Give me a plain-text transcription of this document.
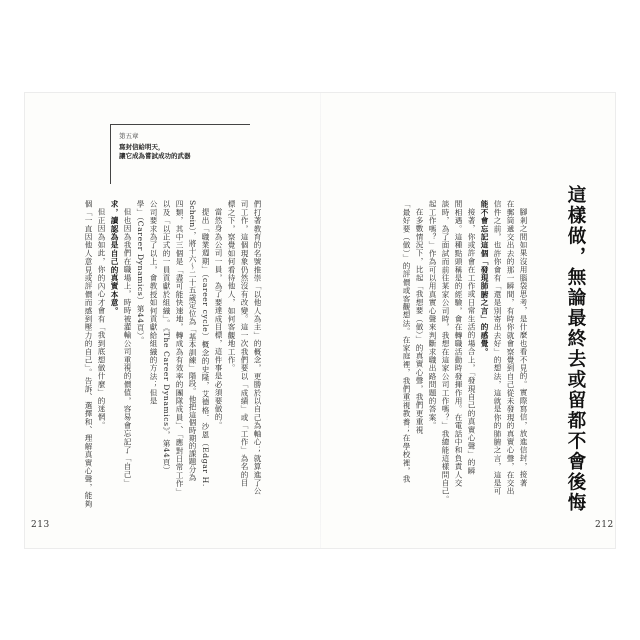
第五章
寫封信給明天，
讓它成為嘗試成功的武器

們打著教育的名號推崇「以他人為主」的概念，更勝於以自己為軸心；就算進了公

司工作，這個現象仍然沒有改變。這一次我們要以「成績」或「工作」為名的目

標之下，察覺如何看待他人，如何客觀地工作。

當然身為公司一員，為了要達成目標，這件事是必須要做的。

提出「職業週期」（career cycle）概念的史隆，艾德格．沙恩（Edgar H.

Schein），將十六～二十五歲定位為「基本訓練」階段。他把這個時期的課題分為

四類，其中三個是「盡可能快速地，轉成為有效率的團隊成員」、「應對日常工作」

以及「以正式的一員貢獻於組織」。《The Career Dynamics》，第44頁）

公司要求為了以上，會教授如何貢獻給組織的方法；但是

學」（Career Dynamics）第44頁）。

但也因為我們在職場上，時時被灌輸公司重視的價值，容易會忘記了「自己」

求，讀認為是自己的真實本意。

但正因為如此，你的內心才會有「我到底想做什麼」的迷惘。

個「一直因他人意見或評價而感到壓力的自己」。告訴、選擇和、理解真實心聲，能夠

213
這樣做，無論最終去或留都不會後悔

腳剎之間如果沒用腦袋思考，是什麼也看不見的。實際寫信，放進信封，接著

在郵筒遞交出去的那一瞬間，有時你就會察覺到自己從未發現的真實心聲，在交出

信件之前，也許你會有「還是別寄出去好」的想法，這就是你的肺腑之言，這是可

能不會忘記這個「發現肺腑之言」的感覺。

接著，你或許會在工作或日常生活的場合上，「發現自己的真實心聲」的瞬

間相遇。這種點頭稱是的經驗，會在轉職活動時發揮作用。在電話中和負責人交

談時，為了面試而前往某家公司時，我想在這家公司工作嗎？」我總能這樣問自己。

起工作嗎？」作為可以用真實心聲來判斷求職出路問題的答案。

在多數情況下，比起「我想要（做）」的真實心聲，我們更重視

「最好要（做）」的評價或客觀想法。在家庭裡，我們重視教養；在學校裡，我

212
